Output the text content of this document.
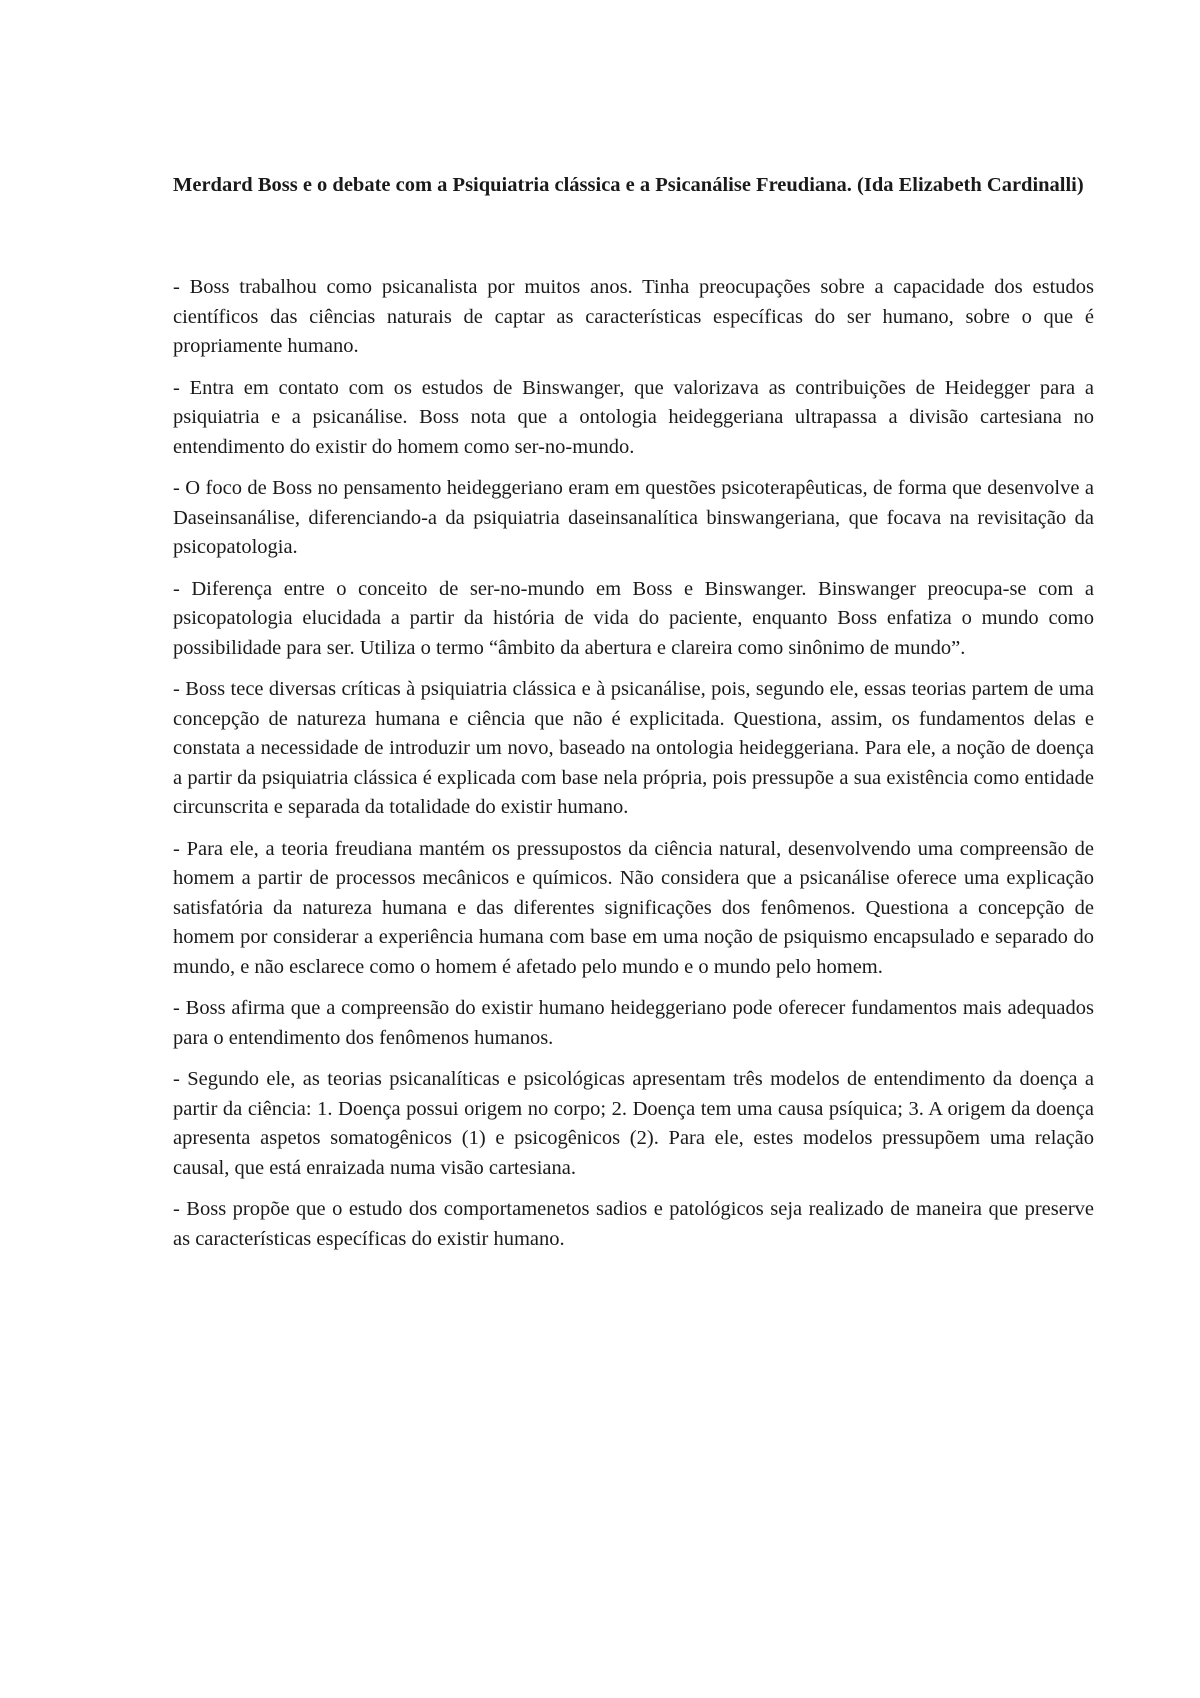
Merdard Boss e o debate com a Psiquiatria clássica e a Psicanálise Freudiana. (Ida Elizabeth Cardinalli)

- Boss trabalhou como psicanalista por muitos anos. Tinha preocupações sobre a capacidade dos estudos científicos das ciências naturais de captar as características específicas do ser humano, sobre o que é propriamente humano.

- Entra em contato com os estudos de Binswanger, que valorizava as contribuições de Heidegger para a psiquiatria e a psicanálise. Boss nota que a ontologia heideggeriana ultrapassa a divisão cartesiana no entendimento do existir do homem como ser-no-mundo.

- O foco de Boss no pensamento heideggeriano eram em questões psicoterapêuticas, de forma que desenvolve a Daseinsanálise, diferenciando-a da psiquiatria daseinsanalítica binswangeriana, que focava na revisitação da psicopatologia.

- Diferença entre o conceito de ser-no-mundo em Boss e Binswanger. Binswanger preocupa-se com a psicopatologia elucidada a partir da história de vida do paciente, enquanto Boss enfatiza o mundo como possibilidade para ser. Utiliza o termo “âmbito da abertura e clareira como sinônimo de mundo”.

- Boss tece diversas críticas à psiquiatria clássica e à psicanálise, pois, segundo ele, essas teorias partem de uma concepção de natureza humana e ciência que não é explicitada. Questiona, assim, os fundamentos delas e constata a necessidade de introduzir um novo, baseado na ontologia heideggeriana. Para ele, a noção de doença a partir da psiquiatria clássica é explicada com base nela própria, pois pressupõe a sua existência como entidade circunscrita e separada da totalidade do existir humano.

- Para ele, a teoria freudiana mantém os pressupostos da ciência natural, desenvolvendo uma compreensão de homem a partir de processos mecânicos e químicos. Não considera que a psicanálise oferece uma explicação satisfatória da natureza humana e das diferentes significações dos fenômenos. Questiona a concepção de homem por considerar a experiência humana com base em uma noção de psiquismo encapsulado e separado do mundo, e não esclarece como o homem é afetado pelo mundo e o mundo pelo homem.

- Boss afirma que a compreensão do existir humano heideggeriano pode oferecer fundamentos mais adequados para o entendimento dos fenômenos humanos.

- Segundo ele, as teorias psicanalíticas e psicológicas apresentam três modelos de entendimento da doença a partir da ciência: 1. Doença possui origem no corpo; 2. Doença tem uma causa psíquica; 3. A origem da doença apresenta aspetos somatogênicos (1) e psicogênicos (2). Para ele, estes modelos pressupõem uma relação causal, que está enraizada numa visão cartesiana.

- Boss propõe que o estudo dos comportamenetos sadios e patológicos seja realizado de maneira que preserve as características específicas do existir humano.
